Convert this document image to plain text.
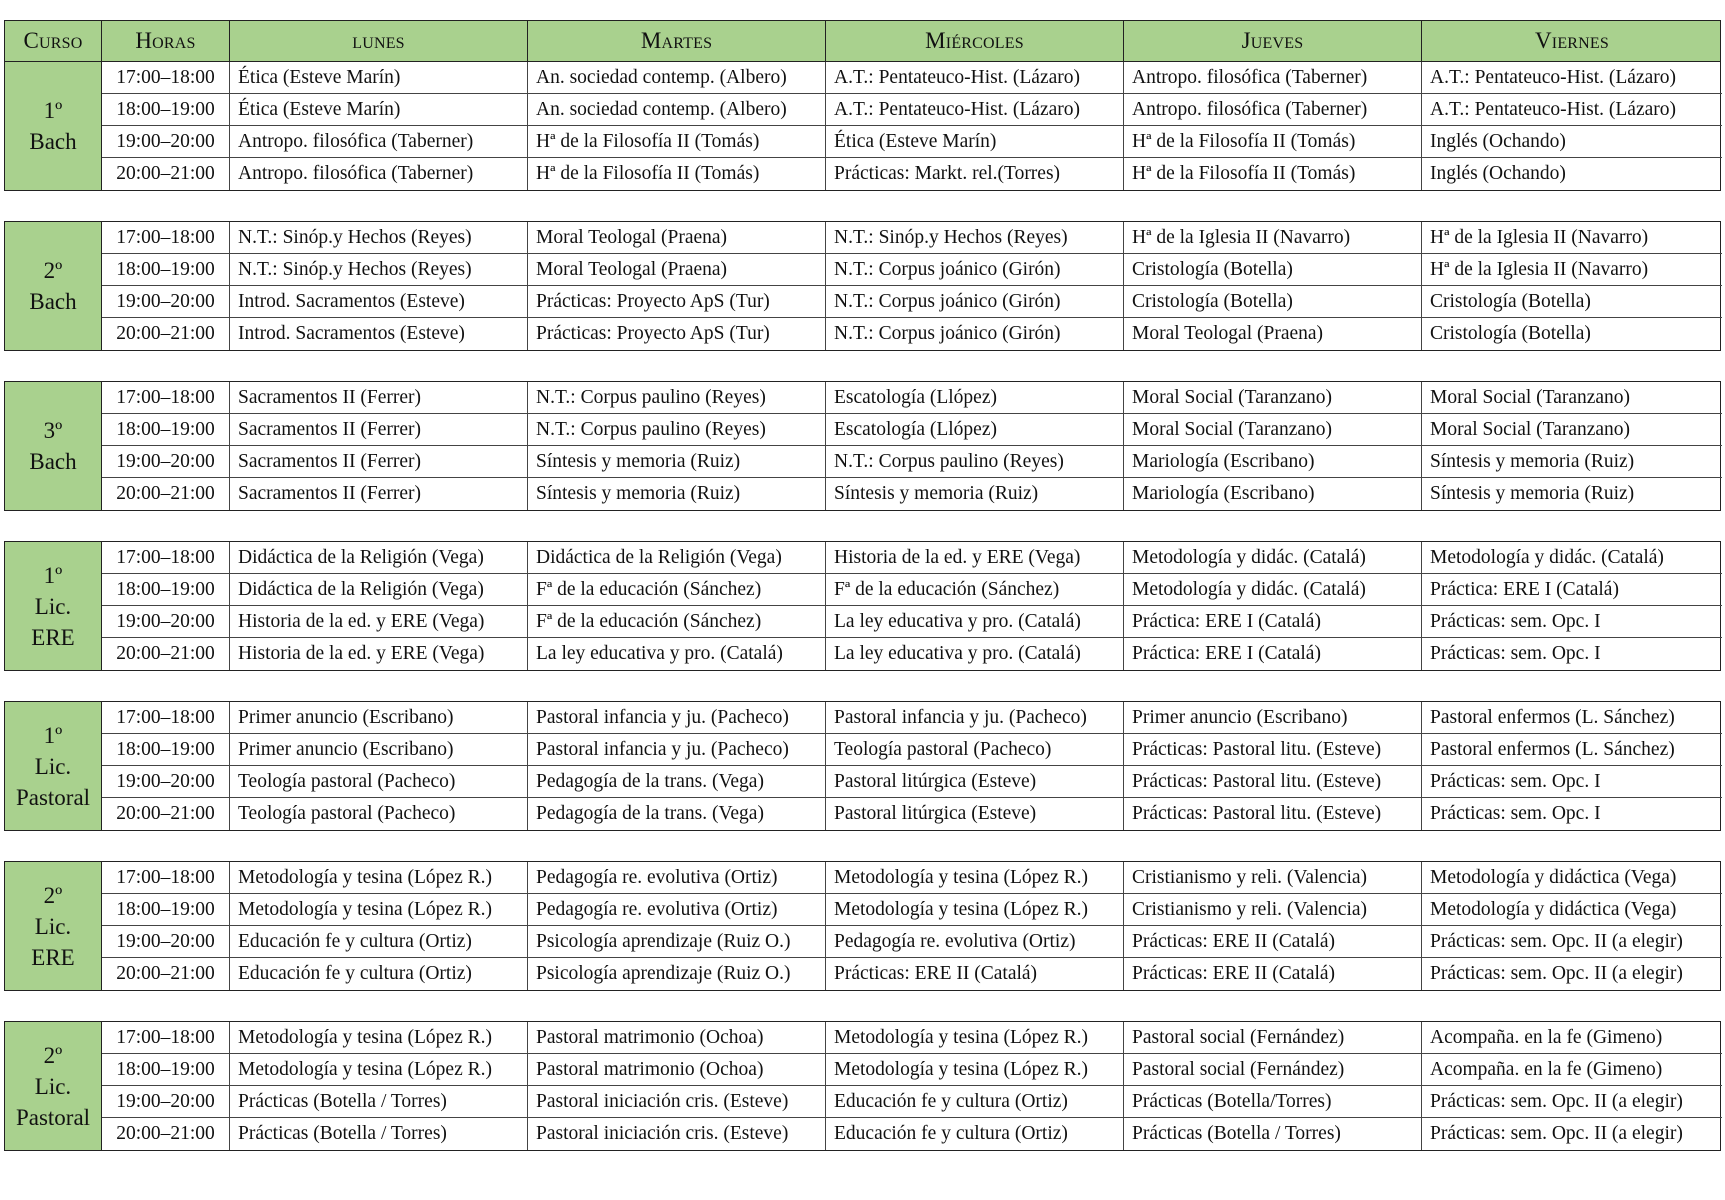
Curso	Horas	lunes	Martes	Miércoles	Jueves	Viernes
1º
Bach
17:00–18:00	Ética (Esteve Marín)	An. sociedad contemp. (Albero)	A.T.: Pentateuco-Hist. (Lázaro)	Antropo. filosófica (Taberner)	A.T.: Pentateuco-Hist. (Lázaro)
18:00–19:00	Ética (Esteve Marín)	An. sociedad contemp. (Albero)	A.T.: Pentateuco-Hist. (Lázaro)	Antropo. filosófica (Taberner)	A.T.: Pentateuco-Hist. (Lázaro)
19:00–20:00	Antropo. filosófica (Taberner)	Hª de la Filosofía II (Tomás)	Ética (Esteve Marín)	Hª de la Filosofía II (Tomás)	Inglés (Ochando)
20:00–21:00	Antropo. filosófica (Taberner)	Hª de la Filosofía II (Tomás)	Prácticas: Markt. rel.(Torres)	Hª de la Filosofía II (Tomás)	Inglés (Ochando)
2º
Bach
17:00–18:00	N.T.: Sinóp.y Hechos (Reyes)	Moral Teologal (Praena)	N.T.: Sinóp.y Hechos (Reyes)	Hª de la Iglesia II (Navarro)	Hª de la Iglesia II (Navarro)
18:00–19:00	N.T.: Sinóp.y Hechos (Reyes)	Moral Teologal (Praena)	N.T.: Corpus joánico (Girón)	Cristología (Botella)	Hª de la Iglesia II (Navarro)
19:00–20:00	Introd. Sacramentos (Esteve)	Prácticas: Proyecto ApS (Tur)	N.T.: Corpus joánico (Girón)	Cristología (Botella)	Cristología (Botella)
20:00–21:00	Introd. Sacramentos (Esteve)	Prácticas: Proyecto ApS (Tur)	N.T.: Corpus joánico (Girón)	Moral Teologal (Praena)	Cristología (Botella)
3º
Bach
17:00–18:00	Sacramentos II (Ferrer)	N.T.: Corpus paulino (Reyes)	Escatología (Llópez)	Moral Social (Taranzano)	Moral Social (Taranzano)
18:00–19:00	Sacramentos II (Ferrer)	N.T.: Corpus paulino (Reyes)	Escatología (Llópez)	Moral Social (Taranzano)	Moral Social (Taranzano)
19:00–20:00	Sacramentos II (Ferrer)	Síntesis y memoria (Ruiz)	N.T.: Corpus paulino (Reyes)	Mariología (Escribano)	Síntesis y memoria (Ruiz)
20:00–21:00	Sacramentos II (Ferrer)	Síntesis y memoria (Ruiz)	Síntesis y memoria (Ruiz)	Mariología (Escribano)	Síntesis y memoria (Ruiz)
1º
Lic.
ERE
17:00–18:00	Didáctica de la Religión (Vega)	Didáctica de la Religión (Vega)	Historia de la ed. y ERE (Vega)	Metodología y didác. (Catalá)	Metodología y didác. (Catalá)
18:00–19:00	Didáctica de la Religión (Vega)	Fª de la educación (Sánchez)	Fª de la educación (Sánchez)	Metodología y didác. (Catalá)	Práctica: ERE I (Catalá)
19:00–20:00	Historia de la ed. y ERE (Vega)	Fª de la educación (Sánchez)	La ley educativa y pro. (Catalá)	Práctica: ERE I (Catalá)	Prácticas: sem. Opc. I
20:00–21:00	Historia de la ed. y ERE (Vega)	La ley educativa y pro. (Catalá)	La ley educativa y pro. (Catalá)	Práctica: ERE I (Catalá)	Prácticas: sem. Opc. I
1º
Lic.
Pastoral
17:00–18:00	Primer anuncio (Escribano)	Pastoral infancia y ju. (Pacheco)	Pastoral infancia y ju. (Pacheco)	Primer anuncio (Escribano)	Pastoral enfermos (L. Sánchez)
18:00–19:00	Primer anuncio (Escribano)	Pastoral infancia y ju. (Pacheco)	Teología pastoral (Pacheco)	Prácticas: Pastoral litu. (Esteve)	Pastoral enfermos (L. Sánchez)
19:00–20:00	Teología pastoral (Pacheco)	Pedagogía de la trans. (Vega)	Pastoral litúrgica (Esteve)	Prácticas: Pastoral litu. (Esteve)	Prácticas: sem. Opc. I
20:00–21:00	Teología pastoral (Pacheco)	Pedagogía de la trans. (Vega)	Pastoral litúrgica (Esteve)	Prácticas: Pastoral litu. (Esteve)	Prácticas: sem. Opc. I
2º
Lic.
ERE
17:00–18:00	Metodología y tesina (López R.)	Pedagogía re. evolutiva (Ortiz)	Metodología y tesina (López R.)	Cristianismo y reli. (Valencia)	Metodología y didáctica (Vega)
18:00–19:00	Metodología y tesina (López R.)	Pedagogía re. evolutiva (Ortiz)	Metodología y tesina (López R.)	Cristianismo y reli. (Valencia)	Metodología y didáctica (Vega)
19:00–20:00	Educación fe y cultura (Ortiz)	Psicología aprendizaje (Ruiz O.)	Pedagogía re. evolutiva (Ortiz)	Prácticas: ERE II (Catalá)	Prácticas: sem. Opc. II (a elegir)
20:00–21:00	Educación fe y cultura (Ortiz)	Psicología aprendizaje (Ruiz O.)	Prácticas: ERE II (Catalá)	Prácticas: ERE II (Catalá)	Prácticas: sem. Opc. II (a elegir)
2º
Lic.
Pastoral
17:00–18:00	Metodología y tesina (López R.)	Pastoral matrimonio (Ochoa)	Metodología y tesina (López R.)	Pastoral social (Fernández)	Acompaña. en la fe (Gimeno)
18:00–19:00	Metodología y tesina (López R.)	Pastoral matrimonio (Ochoa)	Metodología y tesina (López R.)	Pastoral social (Fernández)	Acompaña. en la fe (Gimeno)
19:00–20:00	Prácticas (Botella / Torres)	Pastoral iniciación cris. (Esteve)	Educación fe y cultura (Ortiz)	Prácticas (Botella/Torres)	Prácticas: sem. Opc. II (a elegir)
20:00–21:00	Prácticas (Botella / Torres)	Pastoral iniciación cris. (Esteve)	Educación fe y cultura (Ortiz)	Prácticas (Botella / Torres)	Prácticas: sem. Opc. II (a elegir)
